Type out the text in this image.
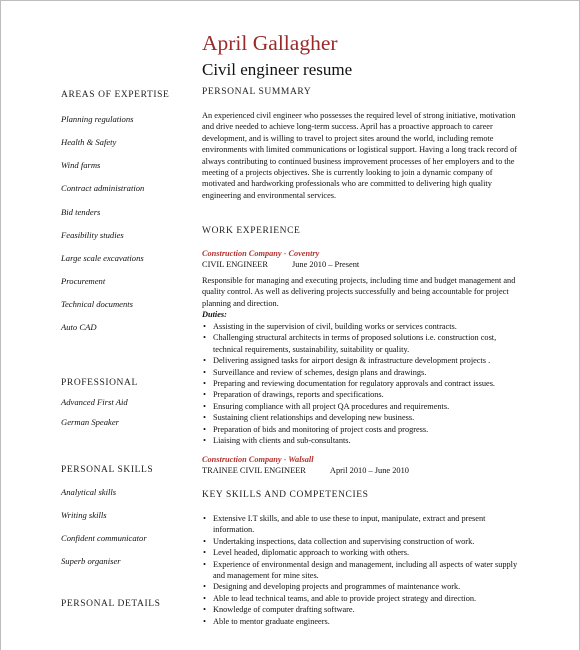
April Gallagher
Civil engineer resume
AREAS OF EXPERTISE
Planning regulations
Health & Safety
Wind farms
Contract administration
Bid tenders
Feasibility studies
Large scale excavations
Procurement
Technical documents
Auto CAD
PROFESSIONAL
Advanced First Aid
German Speaker
PERSONAL SKILLS
Analytical skills
Writing skills
Confident communicator
Superb organiser
PERSONAL DETAILS
PERSONAL SUMMARY

An experienced civil engineer who possesses the required level of strong initiative, motivation and drive needed to achieve long-term success. April has a proactive approach to career development, and is willing to travel to project sites around the world, including remote environments with limited communications or logistical support. Having a long track record of always contributing to continued business improvement processes of her employers and to the meeting of a projects objectives. She is currently looking to join a dynamic company of motivated and hardworking professionals who are committed to delivering high quality engineering and environmental services.

WORK EXPERIENCE
Construction Company - Coventry
CIVIL ENGINEER	June 2010 – Present

Responsible for managing and executing projects, including time and budget management and quality control. As well as delivering projects successfully and being accountable for project planning and direction.

Duties:
• Assisting in the supervision of civil, building works or services contracts.
• Challenging structural architects in terms of proposed solutions i.e. construction cost, technical requirements, sustainability, suitability or quality.
• Delivering assigned tasks for airport design & infrastructure development projects .
• Surveillance and review of schemes, design plans and drawings.
• Preparing and reviewing documentation for regulatory approvals and contract issues.
• Preparation of drawings, reports and specifications.
• Ensuring compliance with all project QA procedures and requirements.
• Sustaining client relationships and developing new business.
• Preparation of bids and monitoring of project costs and progress.
• Liaising with clients and sub-consultants.
Construction Company - Walsall
TRAINEE CIVIL ENGINEER	April 2010 – June 2010
KEY SKILLS AND COMPETENCIES
• Extensive I.T skills, and able to use these to input, manipulate, extract and present information.
• Undertaking inspections, data collection and supervising construction of work.
• Level headed, diplomatic approach to working with others.
• Experience of environmental design and management, including all aspects of water supply and management for mine sites.
• Designing and developing projects and programmes of maintenance work.
• Able to lead technical teams, and able to provide project strategy and direction.
• Knowledge of computer drafting software.
• Able to mentor graduate engineers.
